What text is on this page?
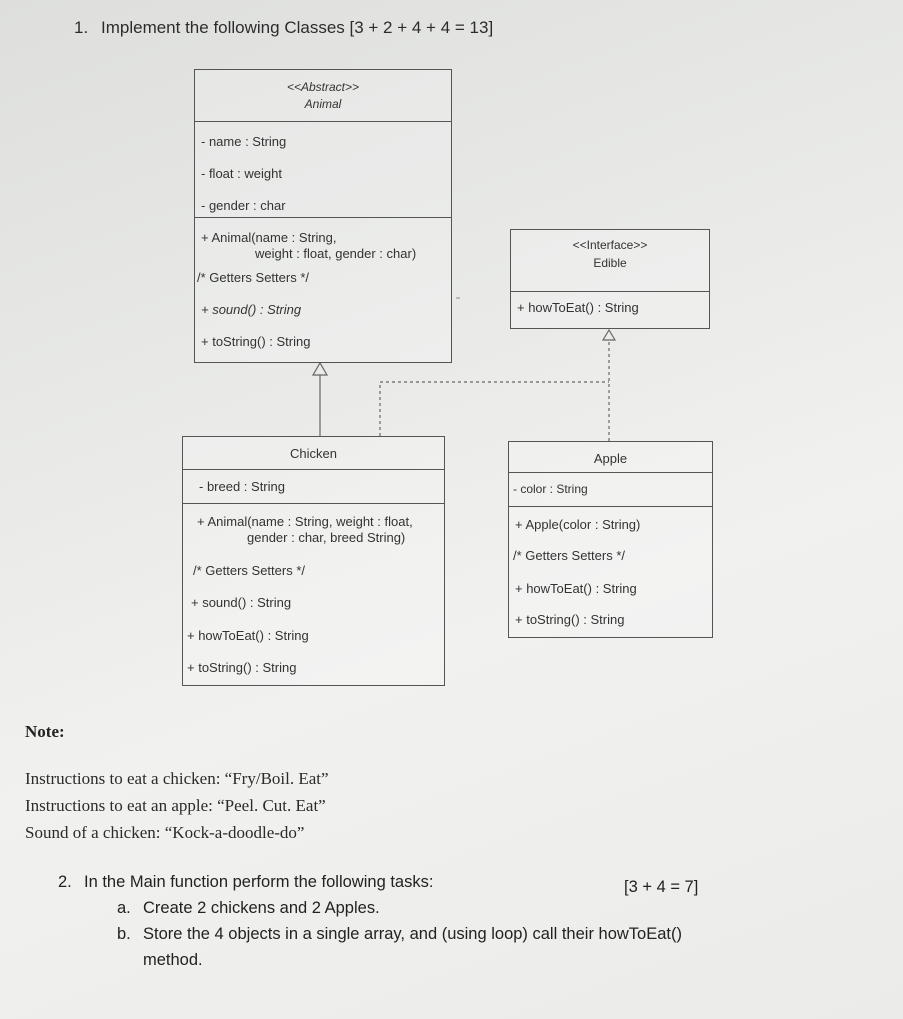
1. Implement the following Classes [3 + 2 + 4 + 4 = 13]
<<Abstract>>
Animal
- name : String
- float : weight
- gender : char
+ Animal(name : String,
weight : float, gender : char)
/* Getters Setters */
+ sound() : String
+ toString() : String
<<Interface>>
Edible
+ howToEat() : String
Chicken
- breed : String
+ Animal(name : String, weight : float,
gender : char, breed String)
/* Getters Setters */
+ sound() : String
+ howToEat() : String
+ toString() : String
Apple
- color : String
+ Apple(color : String)
/* Getters Setters */
+ howToEat() : String
+ toString() : String
Note:
Instructions to eat a chicken: “Fry/Boil. Eat”
Instructions to eat an apple: “Peel. Cut. Eat”
Sound of a chicken: “Kock-a-doodle-do”
2. In the Main function perform the following tasks:	[3 + 4 = 7]
a. Create 2 chickens and 2 Apples.
b. Store the 4 objects in a single array, and (using loop) call their howToEat()
method.
